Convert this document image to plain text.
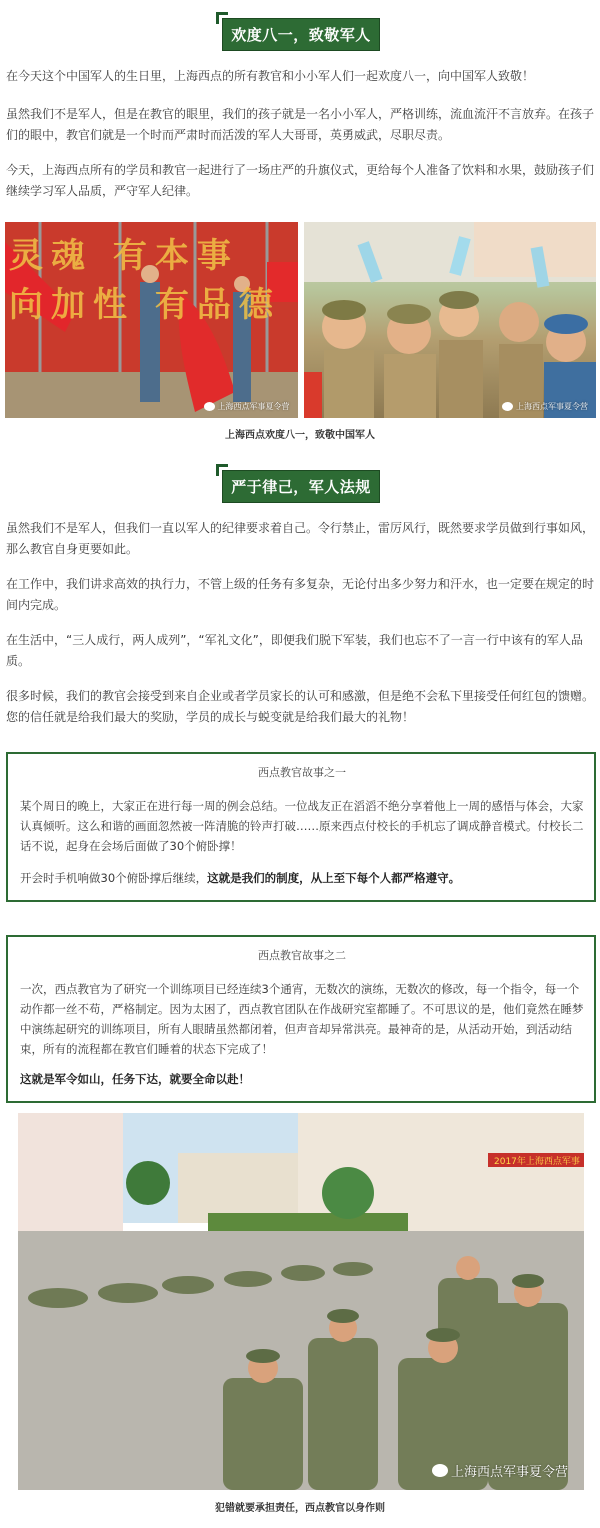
欢度八一，致敬军人

在今天这个中国军人的生日里，上海西点的所有教官和小小军人们一起欢度八一，向中国军人致敬！

虽然我们不是军人，但是在教官的眼里，我们的孩子就是一名小小军人，严格训练，流血流汗不言放弃。在孩子们的眼中，教官们就是一个时而严肃时而活泼的军人大哥哥，英勇威武，尽职尽责。

今天，上海西点所有的学员和教官一起进行了一场庄严的升旗仪式，更给每个人准备了饮料和水果，鼓励孩子们继续学习军人品质，严守军人纪律。

灵魂 有本事 向加性 有品德
上海西点军事夏令营	上海西点军事夏令营
上海西点欢度八一，致敬中国军人
严于律己，军人法规

虽然我们不是军人，但我们一直以军人的纪律要求着自己。令行禁止，雷厉风行，既然要求学员做到行事如风，那么教官自身更要如此。

在工作中，我们讲求高效的执行力，不管上级的任务有多复杂，无论付出多少努力和汗水，也一定要在规定的时间内完成。

在生活中，“三人成行，两人成列”，“军礼文化”，即便我们脱下军装，我们也忘不了一言一行中该有的军人品质。

很多时候，我们的教官会接受到来自企业或者学员家长的认可和感激，但是绝不会私下里接受任何红包的馈赠。您的信任就是给我们最大的奖励，学员的成长与蜕变就是给我们最大的礼物！

西点教官故事之一
某个周日的晚上，大家正在进行每一周的例会总结。一位战友正在滔滔不绝分享着他上一周的感悟与体会，大家认真倾听。这么和谐的画面忽然被一阵清脆的铃声打破……原来西点付校长的手机忘了调成静音模式。付校长二话不说，起身在会场后面做了30个俯卧撑！
开会时手机响做30个俯卧撑后继续，这就是我们的制度，从上至下每个人都严格遵守。
西点教官故事之二
一次，西点教官为了研究一个训练项目已经连续3个通宵，无数次的演练，无数次的修改，每一个指令，每一个动作都一丝不苟，严格制定。因为太困了，西点教官团队在作战研究室都睡了。不可思议的是，他们竟然在睡梦中演练起研究的训练项目，所有人眼睛虽然都闭着，但声音却异常洪亮。最神奇的是，从活动开始，到活动结束，所有的流程都在教官们睡着的状态下完成了！
这就是军令如山，任务下达，就要全命以赴！
2017年上海西点军事
上海西点军事夏令营
犯错就要承担责任，西点教官以身作则
